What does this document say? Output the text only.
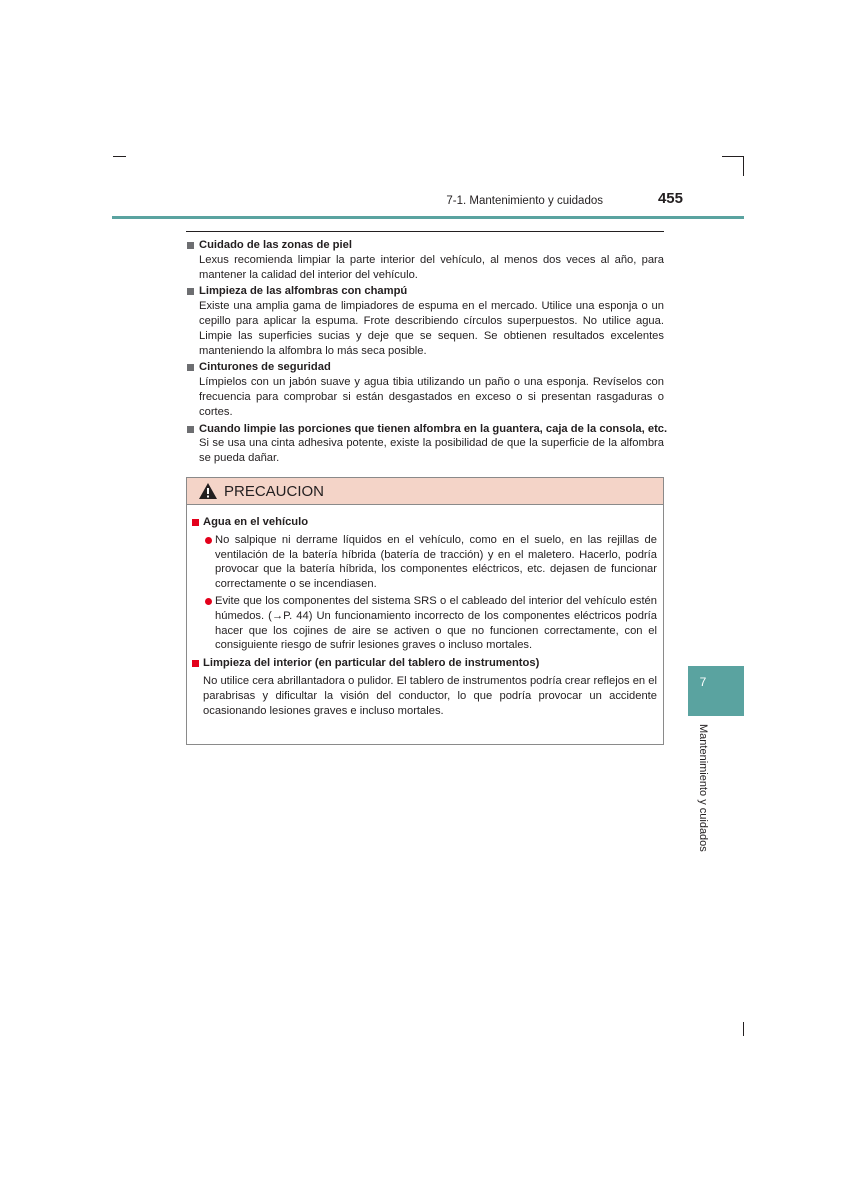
7-1. Mantenimiento y cuidados	455
Cuidado de las zonas de piel
Lexus recomienda limpiar la parte interior del vehículo, al menos dos veces al año, para mantener la calidad del interior del vehículo.
Limpieza de las alfombras con champú
Existe una amplia gama de limpiadores de espuma en el mercado. Utilice una esponja o un cepillo para aplicar la espuma. Frote describiendo círculos superpuestos. No utilice agua. Limpie las superficies sucias y deje que se sequen. Se obtienen resultados excelentes manteniendo la alfombra lo más seca posible.
Cinturones de seguridad
Límpielos con un jabón suave y agua tibia utilizando un paño o una esponja. Revíselos con frecuencia para comprobar si están desgastados en exceso o si presentan rasgaduras o cortes.
Cuando limpie las porciones que tienen alfombra en la guantera, caja de la consola, etc.
Si se usa una cinta adhesiva potente, existe la posibilidad de que la superficie de la alfombra se pueda dañar.
PRECAUCION
Agua en el vehículo
No salpique ni derrame líquidos en el vehículo, como en el suelo, en las rejillas de ventilación de la batería híbrida (batería de tracción) y en el maletero. Hacerlo, podría provocar que la batería híbrida, los componentes eléctricos, etc. dejasen de funcionar correctamente o se incendiasen.
Evite que los componentes del sistema SRS o el cableado del interior del vehículo estén húmedos. (→P. 44) Un funcionamiento incorrecto de los componentes eléctricos podría hacer que los cojines de aire se activen o que no funcionen correctamente, con el consiguiente riesgo de sufrir lesiones graves o incluso mortales.
Limpieza del interior (en particular del tablero de instrumentos)
No utilice cera abrillantadora o pulidor. El tablero de instrumentos podría crear reflejos en el parabrisas y dificultar la visión del conductor, lo que podría provocar un accidente ocasionando lesiones graves e incluso mortales.
7
Mantenimiento y cuidados
